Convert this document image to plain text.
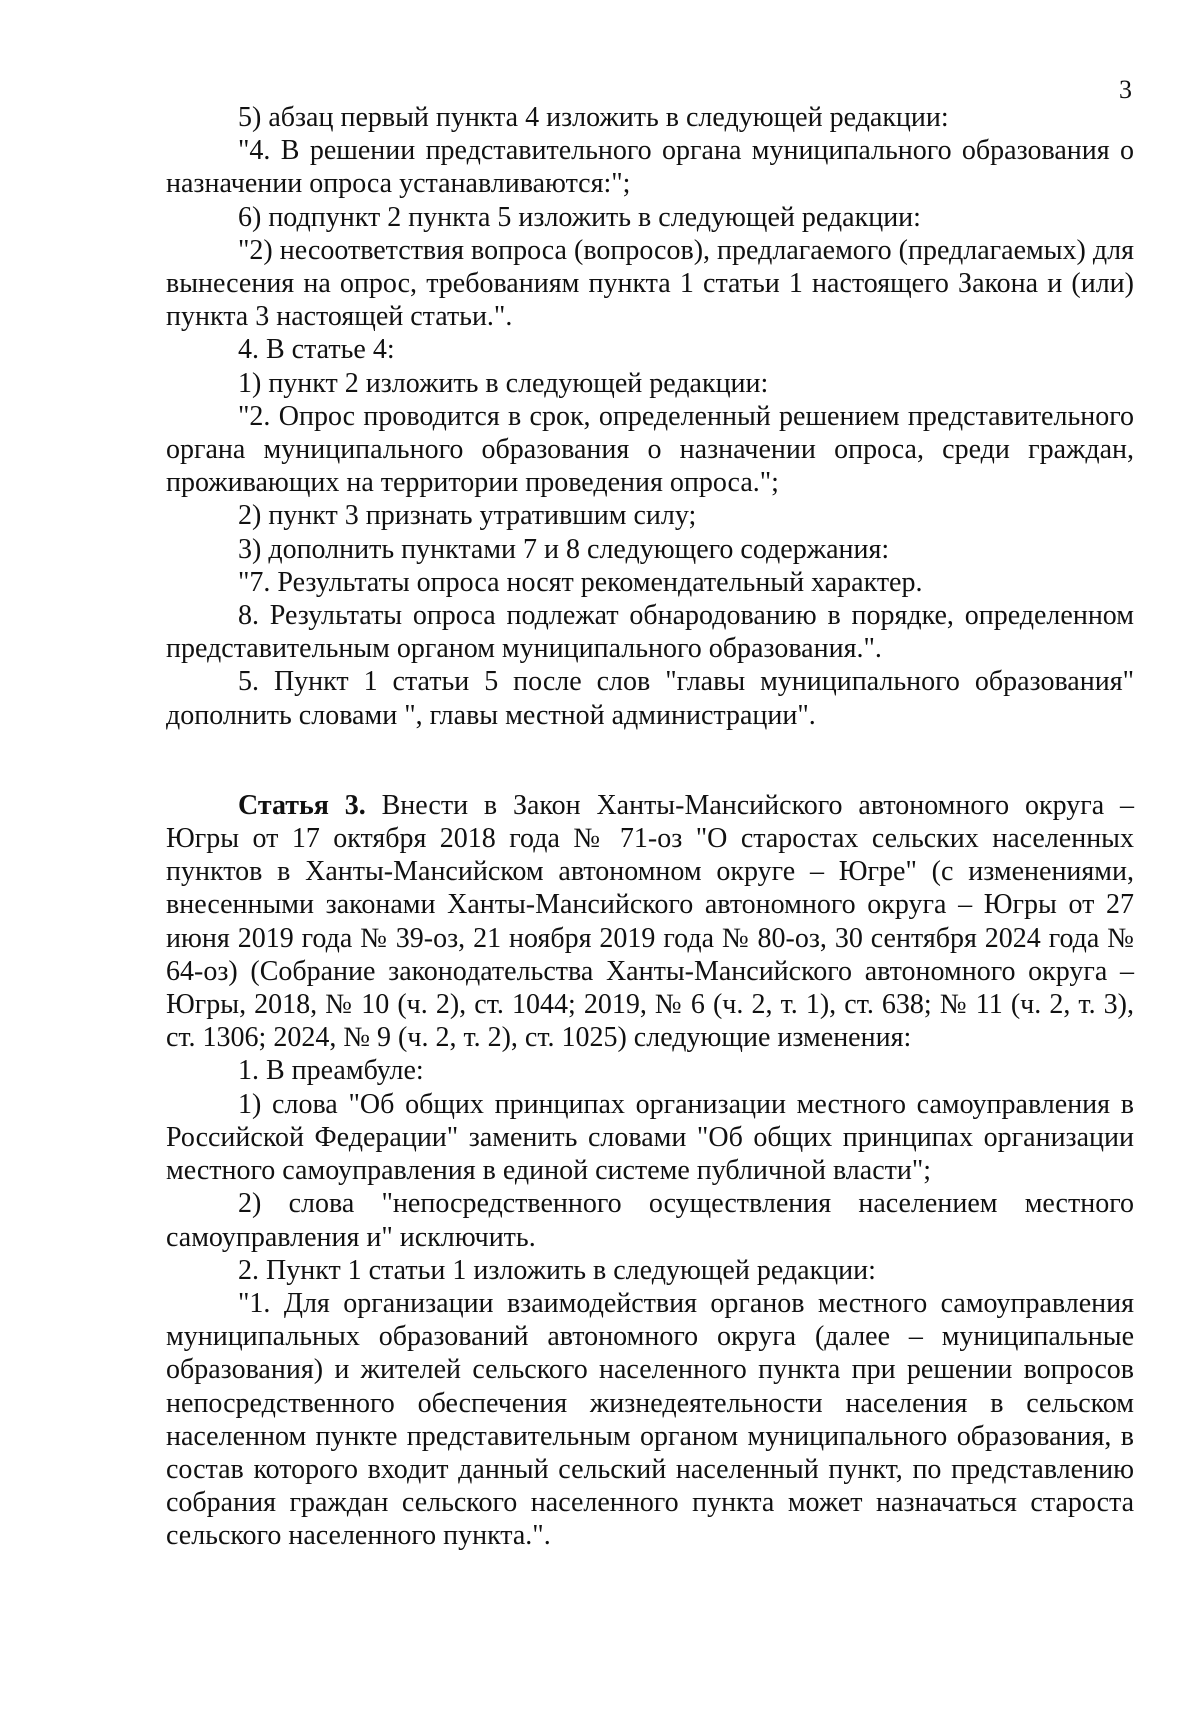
3

5) абзац первый пункта 4 изложить в следующей редакции:

"4. В решении представительного органа муниципального образования о назначении опроса устанавливаются:";

6) подпункт 2 пункта 5 изложить в следующей редакции:

"2) несоответствия вопроса (вопросов), предлагаемого (предлагаемых) для вынесения на опрос, требованиям пункта 1 статьи 1 настоящего Закона и (или) пункта 3 настоящей статьи.".

4. В статье 4:

1) пункт 2 изложить в следующей редакции:

"2. Опрос проводится в срок, определенный решением представительного органа муниципального образования о назначении опроса, среди граждан, проживающих на территории проведения опроса.";

2) пункт 3 признать утратившим силу;

3) дополнить пунктами 7 и 8 следующего содержания:

"7. Результаты опроса носят рекомендательный характер.

8. Результаты опроса подлежат обнародованию в порядке, определенном представительным органом муниципального образования.".

5. Пункт 1 статьи 5 после слов "главы муниципального образования" дополнить словами ", главы местной администрации".

Статья 3. Внести в Закон Ханты-Мансийского автономного округа – Югры от 17 октября 2018 года № 71-оз "О старостах сельских населенных пунктов в Ханты-Мансийском автономном округе – Югре" (с изменениями, внесенными законами Ханты-Мансийского автономного округа – Югры от 27 июня 2019 года № 39-оз, 21 ноября 2019 года № 80-оз, 30 сентября 2024 года № 64-оз) (Собрание законодательства Ханты-Мансийского автономного округа – Югры, 2018, № 10 (ч. 2), ст. 1044; 2019, № 6 (ч. 2, т. 1), ст. 638; № 11 (ч. 2, т. 3), ст. 1306; 2024, № 9 (ч. 2, т. 2), ст. 1025) следующие изменения:

1. В преамбуле:

1) слова "Об общих принципах организации местного самоуправления в Российской Федерации" заменить словами "Об общих принципах организации местного самоуправления в единой системе публичной власти";

2) слова "непосредственного осуществления населением местного самоуправления и" исключить.

2. Пункт 1 статьи 1 изложить в следующей редакции:

"1. Для организации взаимодействия органов местного самоуправления муниципальных образований автономного округа (далее – муниципальные образования) и жителей сельского населенного пункта при решении вопросов непосредственного обеспечения жизнедеятельности населения в сельском населенном пункте представительным органом муниципального образования, в состав которого входит данный сельский населенный пункт, по представлению собрания граждан сельского населенного пункта может назначаться староста сельского населенного пункта.".
